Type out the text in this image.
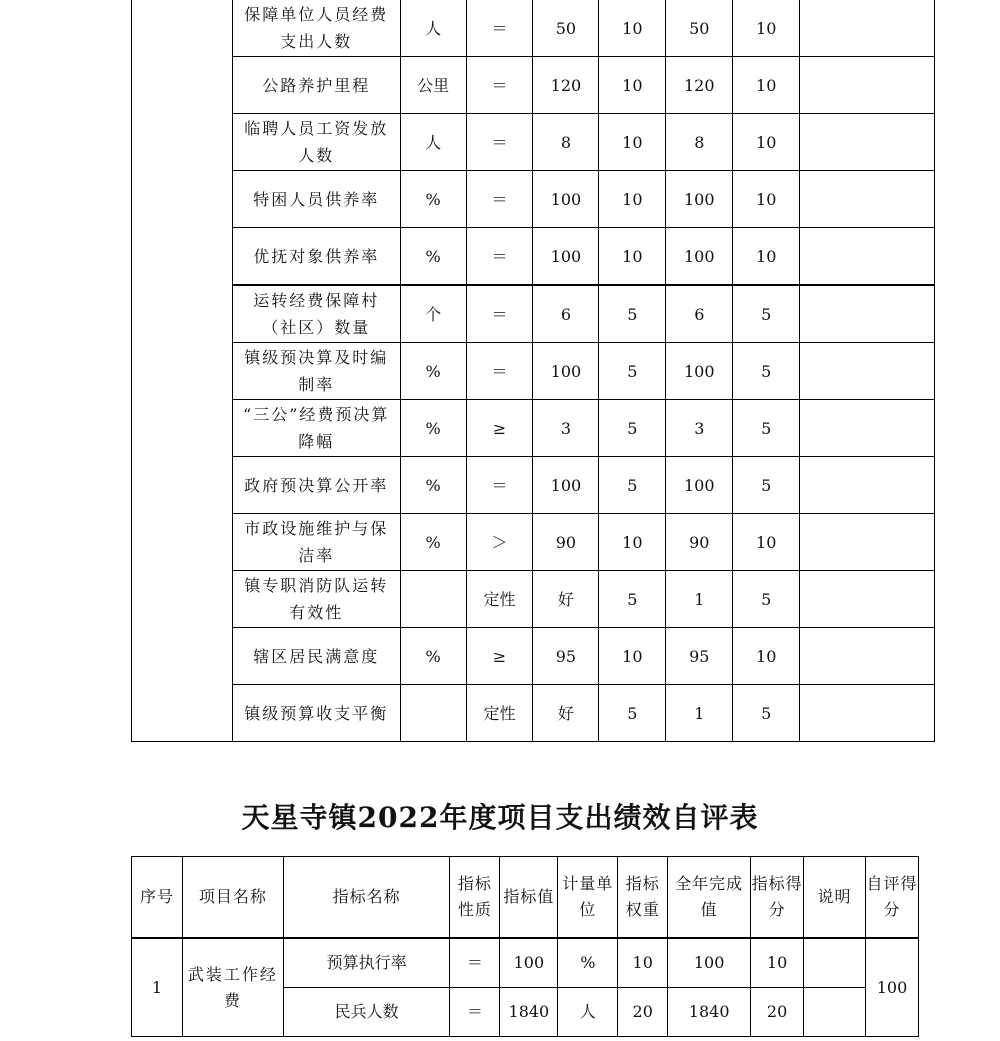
	保障单位人员经费支出人数	人	＝	50	10	50	10	
	公路养护里程	公里	＝	120	10	120	10	
	临聘人员工资发放人数	人	＝	8	10	8	10	
	特困人员供养率	%	＝	100	10	100	10	
	优抚对象供养率	%	＝	100	10	100	10	
	运转经费保障村（社区）数量	个	＝	6	5	6	5	
	镇级预决算及时编制率	%	＝	100	5	100	5	
	“三公”经费预决算降幅	%	≥	3	5	3	5	
	政府预决算公开率	%	＝	100	5	100	5	
	市政设施维护与保洁率	%	＞	90	10	90	10	
	镇专职消防队运转有效性		定性	好	5	1	5	
	辖区居民满意度	%	≥	95	10	95	10	
	镇级预算收支平衡		定性	好	5	1	5	
天星寺镇2022年度项目支出绩效自评表
序号	项目名称	指标名称	指标性质	指标值	计量单位	指标权重	全年完成值	指标得分	说明	自评得分
1	武装工作经费	预算执行率	＝	100	%	10	100	10		100
		民兵人数	＝	1840	人	20	1840	20		
